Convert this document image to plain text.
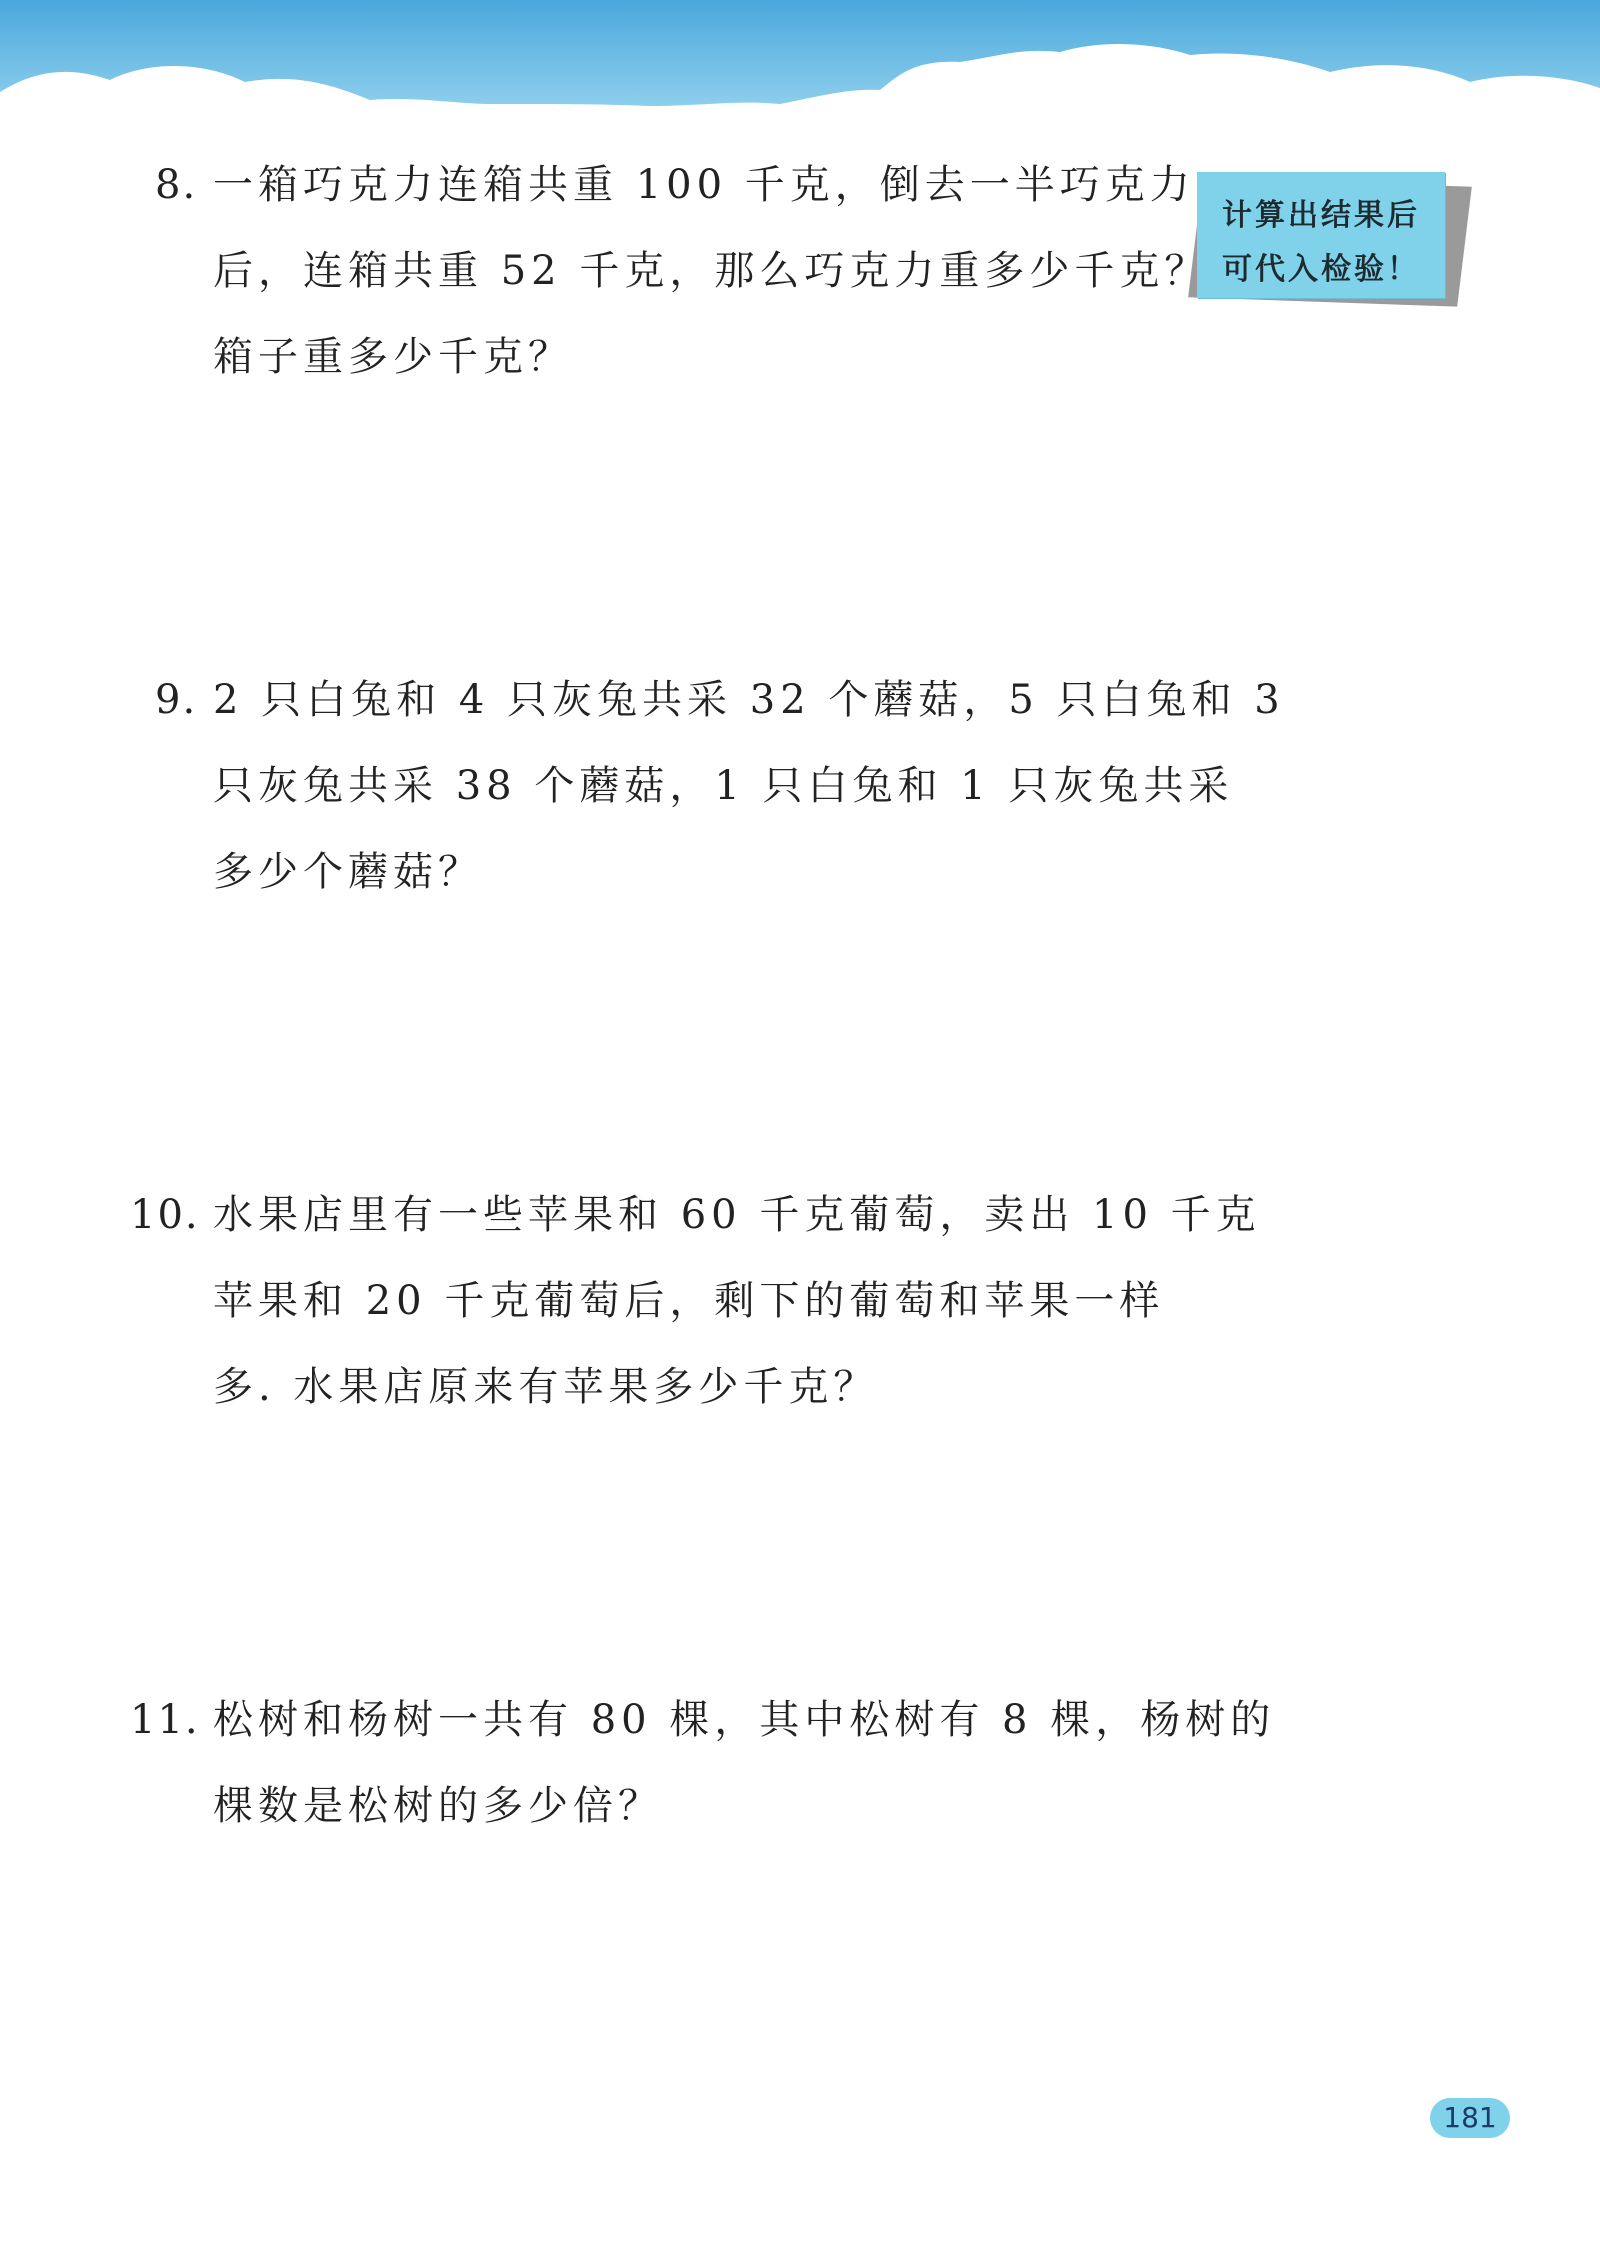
计算出结果后
可代入检验！
8. 一箱巧克力连箱共重 100 千克，倒去一半巧克力
后，连箱共重 52 千克，那么巧克力重多少千克？
箱子重多少千克？
9. 2 只白兔和 4 只灰兔共采 32 个蘑菇，5 只白兔和 3
只灰兔共采 38 个蘑菇，1 只白兔和 1 只灰兔共采
多少个蘑菇？
10. 水果店里有一些苹果和 60 千克葡萄，卖出 10 千克
苹果和 20 千克葡萄后，剩下的葡萄和苹果一样
多. 水果店原来有苹果多少千克？
11. 松树和杨树一共有 80 棵，其中松树有 8 棵，杨树的
棵数是松树的多少倍？
181
